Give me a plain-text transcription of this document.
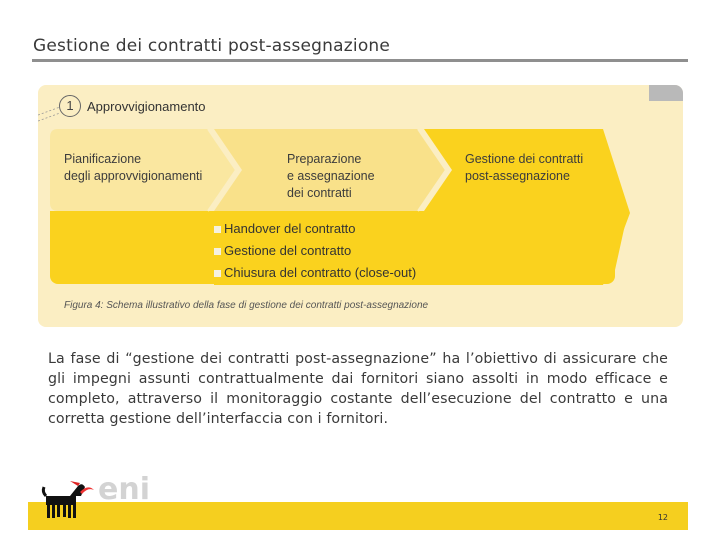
Gestione dei contratti post-assegnazione
1	Approvvigionamento
Pianificazione
degli approvvigionamenti
Preparazione
e assegnazione
dei contratti
Gestione dei contratti
post-assegnazione
Handover del contratto
Gestione del contratto
Chiusura del contratto (close-out)
Figura 4: Schema illustrativo della fase di gestione dei contratti post-assegnazione
La fase di “gestione dei contratti post-assegnazione” ha l’obiettivo di assicurare che gli impegni assunti contrattualmente dai fornitori siano assolti in modo efficace e completo, attraverso il monitoraggio costante dell’esecuzione del contratto e una corretta gestione dell’interfaccia con i fornitori.
12
eni
